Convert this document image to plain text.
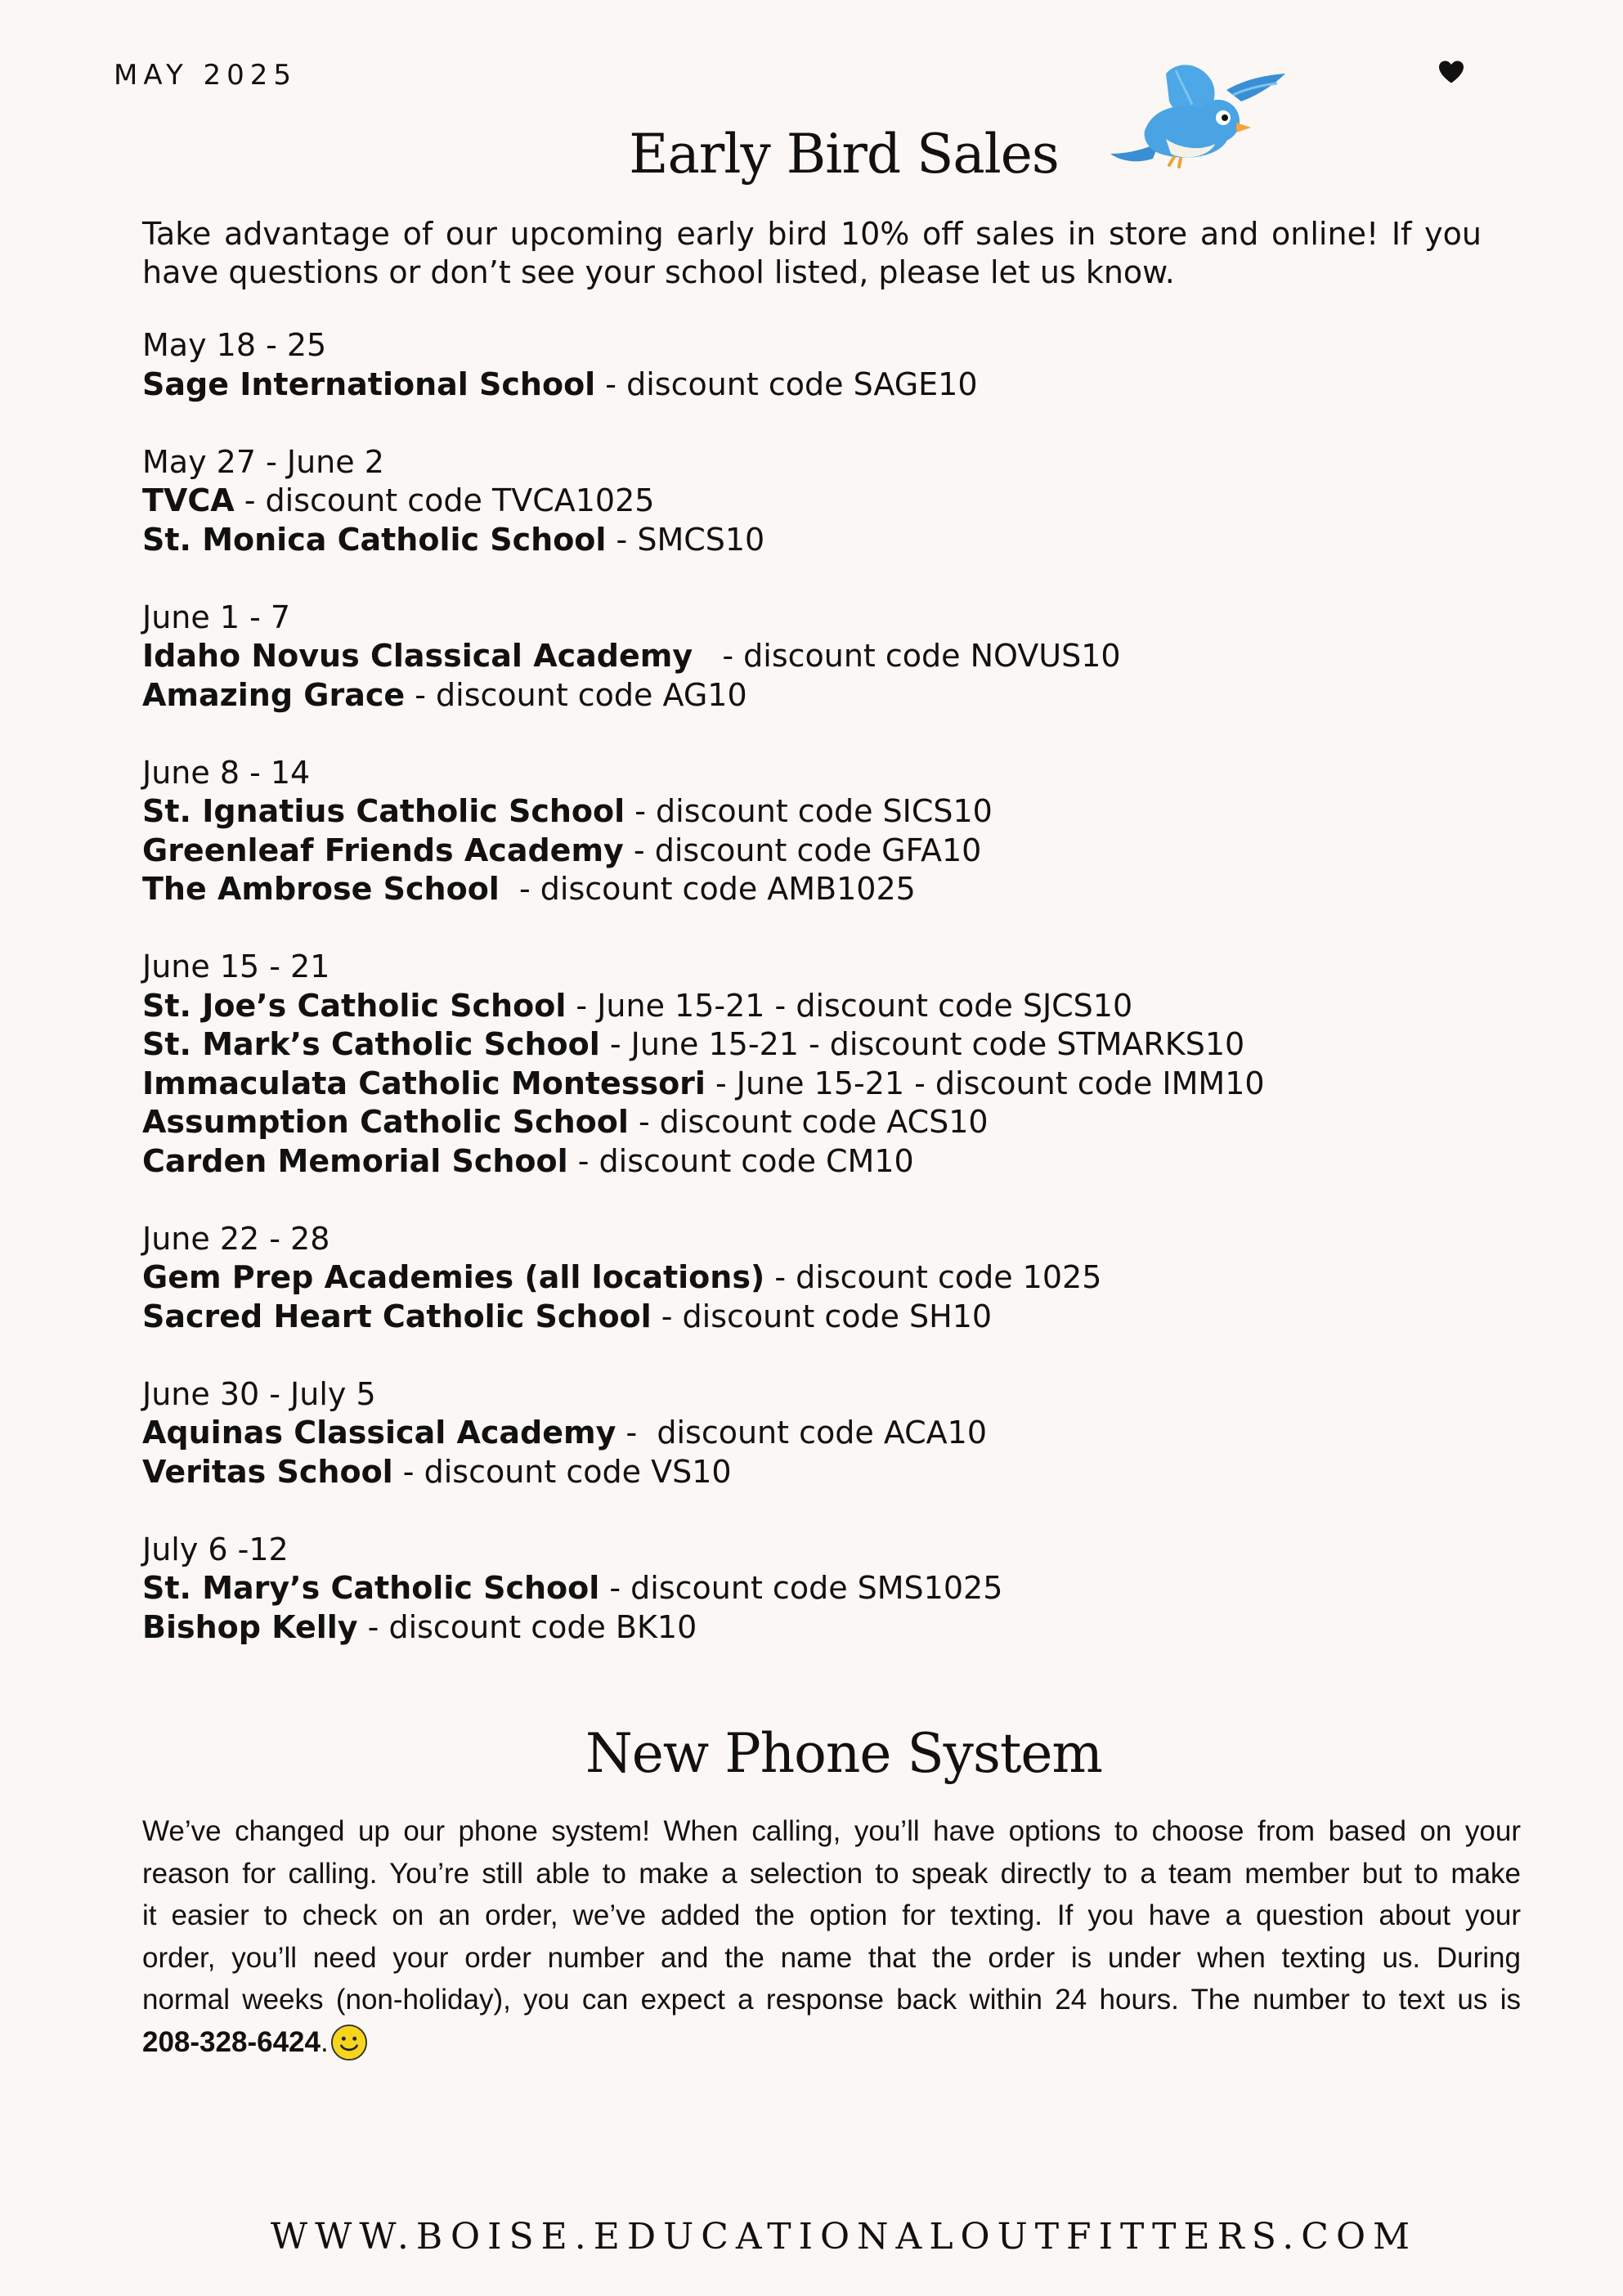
MAY 2025
Early Bird Sales
Take advantage of our upcoming early bird 10% off sales in store and online! If you
have questions or don’t see your school listed, please let us know.
May 18 - 25
Sage International School - discount code SAGE10
May 27 - June 2
TVCA - discount code TVCA1025
St. Monica Catholic School - SMCS10
June 1 - 7
Idaho Novus Classical Academy   - discount code NOVUS10
Amazing Grace - discount code AG10
June 8 - 14
St. Ignatius Catholic School - discount code SICS10
Greenleaf Friends Academy - discount code GFA10
The Ambrose School  - discount code AMB1025
June 15 - 21
St. Joe’s Catholic School - June 15-21 - discount code SJCS10
St. Mark’s Catholic School - June 15-21 - discount code STMARKS10
Immaculata Catholic Montessori - June 15-21 - discount code IMM10
Assumption Catholic School - discount code ACS10
Carden Memorial School - discount code CM10
June 22 - 28
Gem Prep Academies (all locations) - discount code 1025
Sacred Heart Catholic School - discount code SH10
June 30 - July 5
Aquinas Classical Academy -  discount code ACA10
Veritas School - discount code VS10
July 6 -12
St. Mary’s Catholic School - discount code SMS1025
Bishop Kelly - discount code BK10
New Phone System
We’ve changed up our phone system! When calling, you’ll have options to choose from based on your
reason for calling. You’re still able to make a selection to speak directly to a team member but to make
it easier to check on an order, we’ve added the option for texting. If you have a question about your
order, you’ll need your order number and the name that the order is under when texting us. During
normal weeks (non-holiday), you can expect a response back within 24 hours. The number to text us is
208-328-6424.
WWW.BOISE.EDUCATIONALOUTFITTERS.COM
